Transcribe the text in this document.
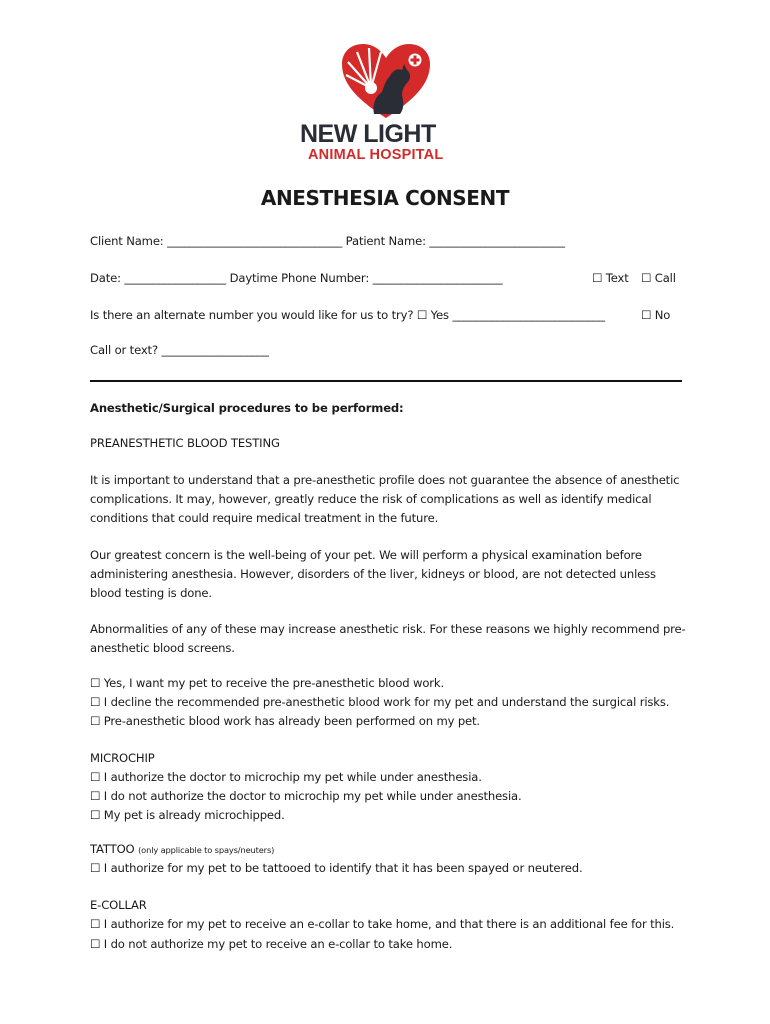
NEW LIGHT
ANIMAL HOSPITAL
ANESTHESIA CONSENT
Client Name: _______________________________ Patient Name: ________________________
Date: __________________ Daytime Phone Number: _______________________	☐ Text ☐ Call
Is there an alternate number you would like for us to try? ☐ Yes ___________________________	☐ No
Call or text? ___________________
Anesthetic/Surgical procedures to be performed:
PREANESTHETIC BLOOD TESTING
It is important to understand that a pre-anesthetic profile does not guarantee the absence of anesthetic complications. It may, however, greatly reduce the risk of complications as well as identify medical conditions that could require medical treatment in the future.
Our greatest concern is the well-being of your pet. We will perform a physical examination before administering anesthesia. However, disorders of the liver, kidneys or blood, are not detected unless blood testing is done.
Abnormalities of any of these may increase anesthetic risk. For these reasons we highly recommend pre-anesthetic blood screens.
☐ Yes, I want my pet to receive the pre-anesthetic blood work.
☐ I decline the recommended pre-anesthetic blood work for my pet and understand the surgical risks.
☐ Pre-anesthetic blood work has already been performed on my pet.
MICROCHIP
☐ I authorize the doctor to microchip my pet while under anesthesia.
☐ I do not authorize the doctor to microchip my pet while under anesthesia.
☐ My pet is already microchipped.
TATTOO (only applicable to spays/neuters)
☐ I authorize for my pet to be tattooed to identify that it has been spayed or neutered.
E-COLLAR
☐ I authorize for my pet to receive an e-collar to take home, and that there is an additional fee for this.
☐ I do not authorize my pet to receive an e-collar to take home.
